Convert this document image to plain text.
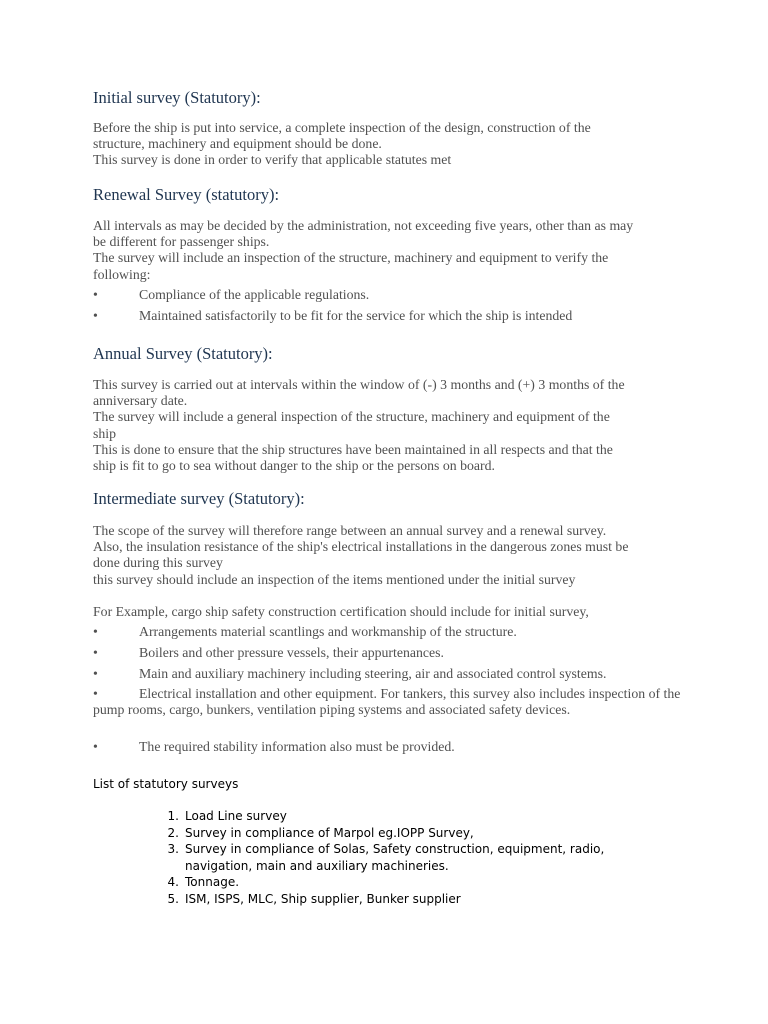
Initial survey (Statutory):
Before the ship is put into service, a complete inspection of the design, construction of the
structure, machinery and equipment should be done.
This survey is done in order to verify that applicable statutes met
Renewal Survey (statutory):
All intervals as may be decided by the administration, not exceeding five years, other than as may
be different for passenger ships.
The survey will include an inspection of the structure, machinery and equipment to verify the
following:
•	Compliance of the applicable regulations.
•	Maintained satisfactorily to be fit for the service for which the ship is intended
Annual Survey (Statutory):
This survey is carried out at intervals within the window of (-) 3 months and (+) 3 months of the
anniversary date.
The survey will include a general inspection of the structure, machinery and equipment of the
ship
This is done to ensure that the ship structures have been maintained in all respects and that the
ship is fit to go to sea without danger to the ship or the persons on board.
Intermediate survey (Statutory):
The scope of the survey will therefore range between an annual survey and a renewal survey.
Also, the insulation resistance of the ship's electrical installations in the dangerous zones must be
done during this survey
this survey should include an inspection of the items mentioned under the initial survey
For Example, cargo ship safety construction certification should include for initial survey,
•	Arrangements material scantlings and workmanship of the structure.
•	Boilers and other pressure vessels, their appurtenances.
•	Main and auxiliary machinery including steering, air and associated control systems.
•	Electrical installation and other equipment. For tankers, this survey also includes inspection of the pump rooms, cargo, bunkers, ventilation piping systems and associated safety devices.
•	The required stability information also must be provided.
List of statutory surveys
1. Load Line survey
2. Survey in compliance of Marpol eg.IOPP Survey,
3. Survey in compliance of Solas, Safety construction, equipment, radio, navigation, main and auxiliary machineries.
4. Tonnage.
5. ISM, ISPS, MLC, Ship supplier, Bunker supplier
